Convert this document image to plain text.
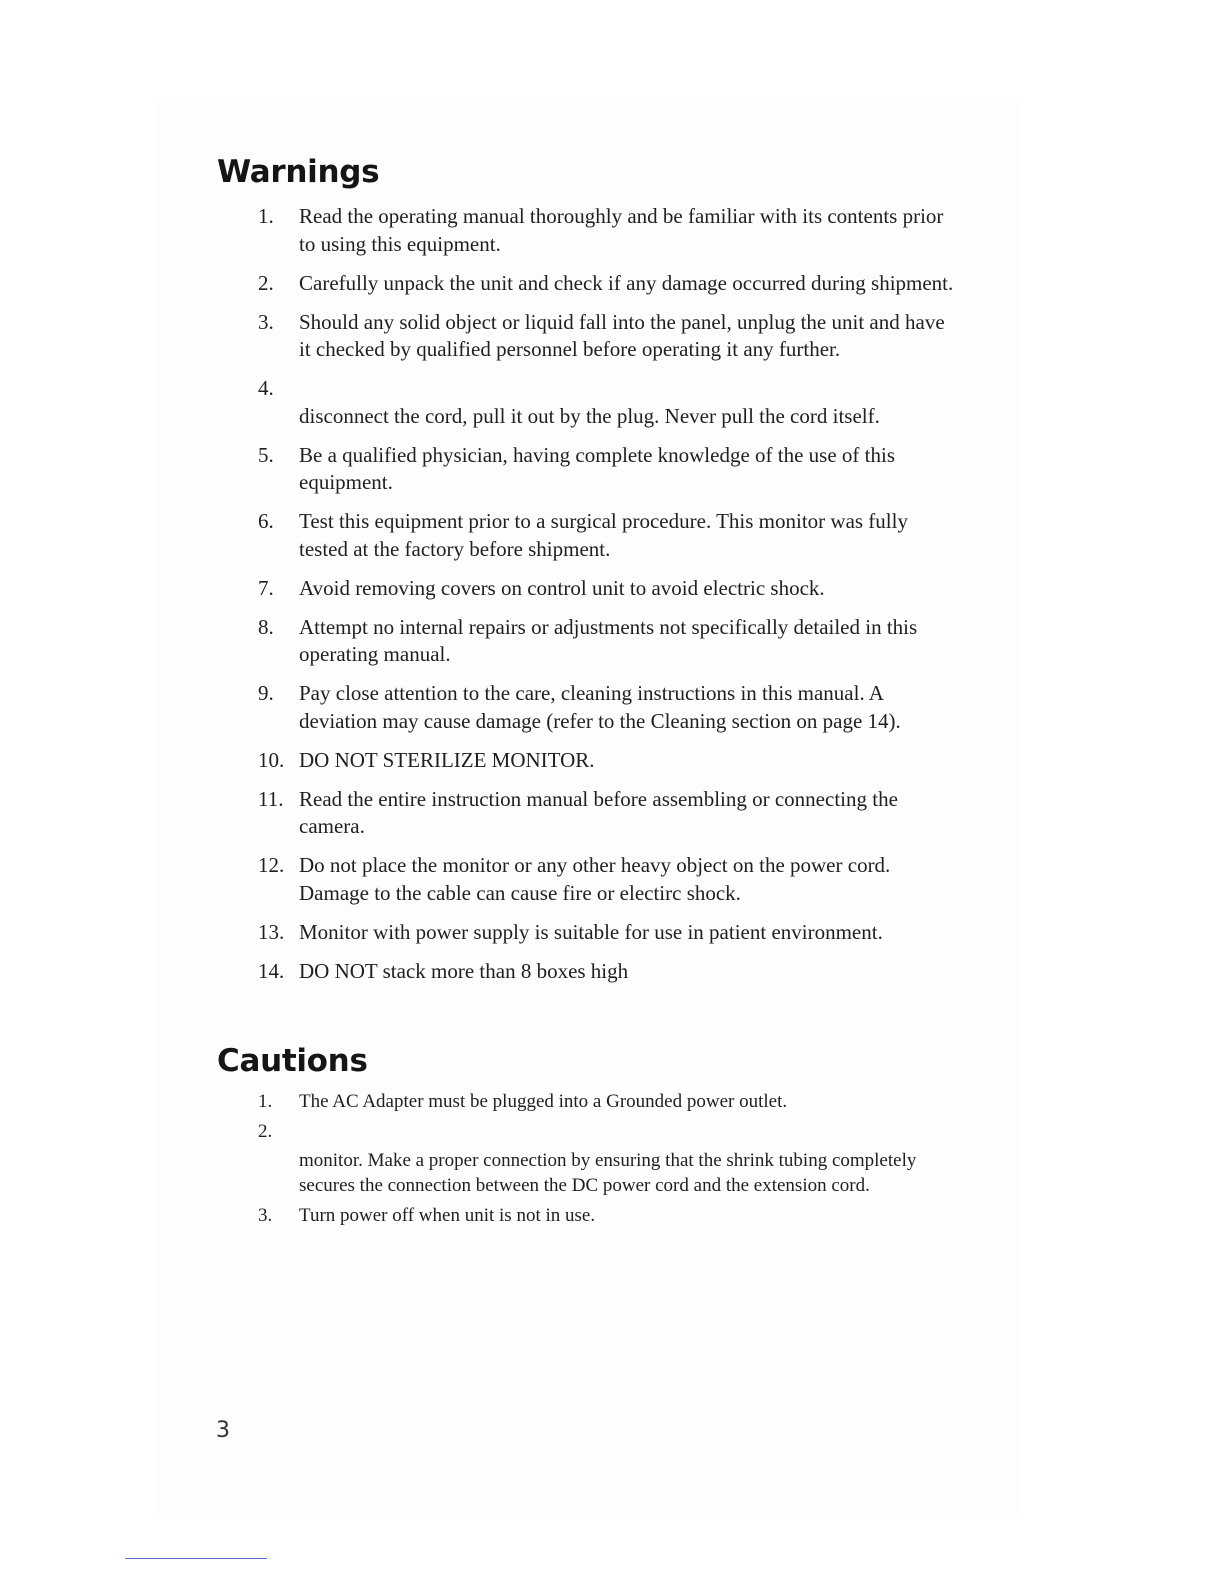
Warnings
1. Read the operating manual thoroughly and be familiar with its contents prior to using this equipment.
2. Carefully unpack the unit and check if any damage occurred during shipment.
3. Should any solid object or liquid fall into the panel, unplug the unit and have it checked by qualified personnel before operating it any further.
4.
disconnect the cord, pull it out by the plug. Never pull the cord itself.
5. Be a qualified physician, having complete knowledge of the use of this equipment.
6. Test this equipment prior to a surgical procedure. This monitor was fully tested at the factory before shipment.
7. Avoid removing covers on control unit to avoid electric shock.
8. Attempt no internal repairs or adjustments not specifically detailed in this operating manual.
9. Pay close attention to the care, cleaning instructions in this manual. A deviation may cause damage (refer to the Cleaning section on page 14).
10. DO NOT STERILIZE MONITOR.
11. Read the entire instruction manual before assembling or connecting the camera.
12. Do not place the monitor or any other heavy object on the power cord. Damage to the cable can cause fire or electirc shock.
13. Monitor with power supply is suitable for use in patient environment.
14. DO NOT stack more than 8 boxes high
Cautions
1. The AC Adapter must be plugged into a Grounded power outlet.
2.
monitor. Make a proper connection by ensuring that the shrink tubing completely secures the connection between the DC power cord and the extension cord.
3. Turn power off when unit is not in use.
3
